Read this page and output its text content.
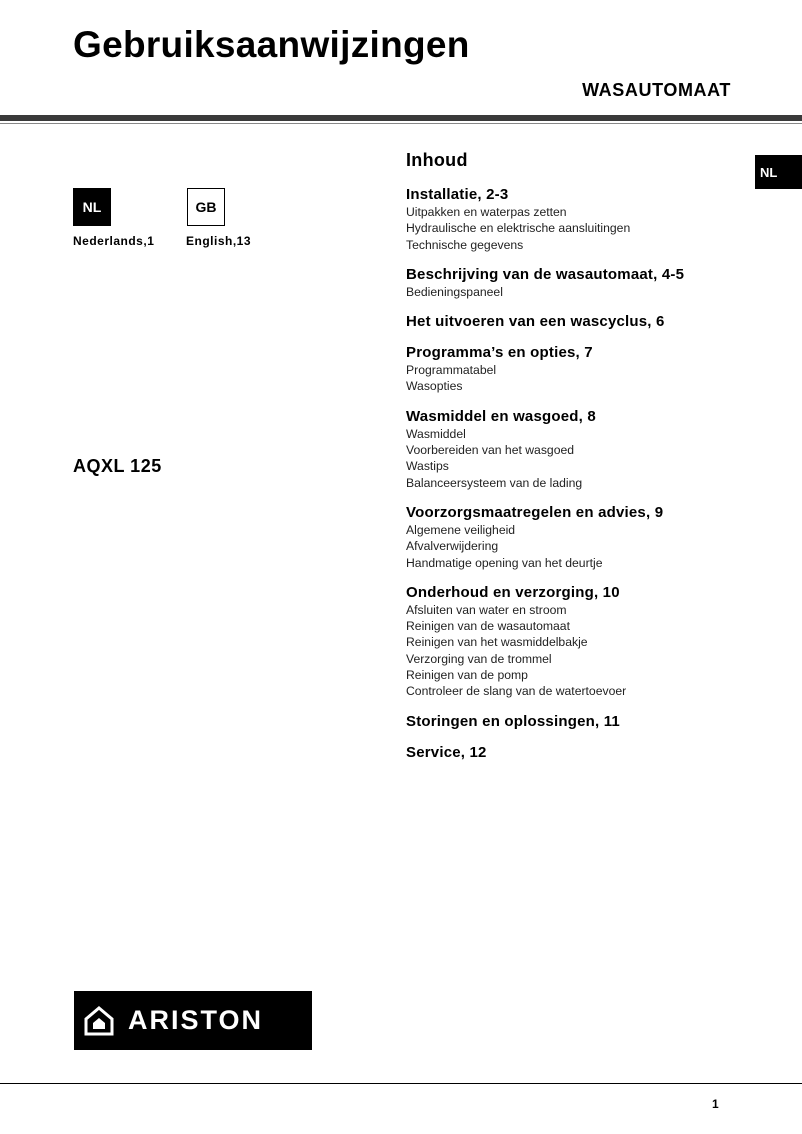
Gebruiksaanwijzingen
WASAUTOMAAT
NL	GB
Nederlands,1	English,13
AQXL 125
NL
Inhoud
Installatie, 2-3
Uitpakken en waterpas zetten
Hydraulische en elektrische aansluitingen
Technische gegevens
Beschrijving van de wasautomaat, 4-5
Bedieningspaneel
Het uitvoeren van een wascyclus, 6
Programma’s en opties, 7
Programmatabel
Wasopties
Wasmiddel en wasgoed, 8
Wasmiddel
Voorbereiden van het wasgoed
Wastips
Balanceersysteem van de lading
Voorzorgsmaatregelen en advies, 9
Algemene veiligheid
Afvalverwijdering
Handmatige opening van het deurtje
Onderhoud en verzorging, 10
Afsluiten van water en stroom
Reinigen van de wasautomaat
Reinigen van het wasmiddelbakje
Verzorging van de trommel
Reinigen van de pomp
Controleer de slang van de watertoevoer
Storingen en oplossingen, 11
Service, 12
ARISTON
1
